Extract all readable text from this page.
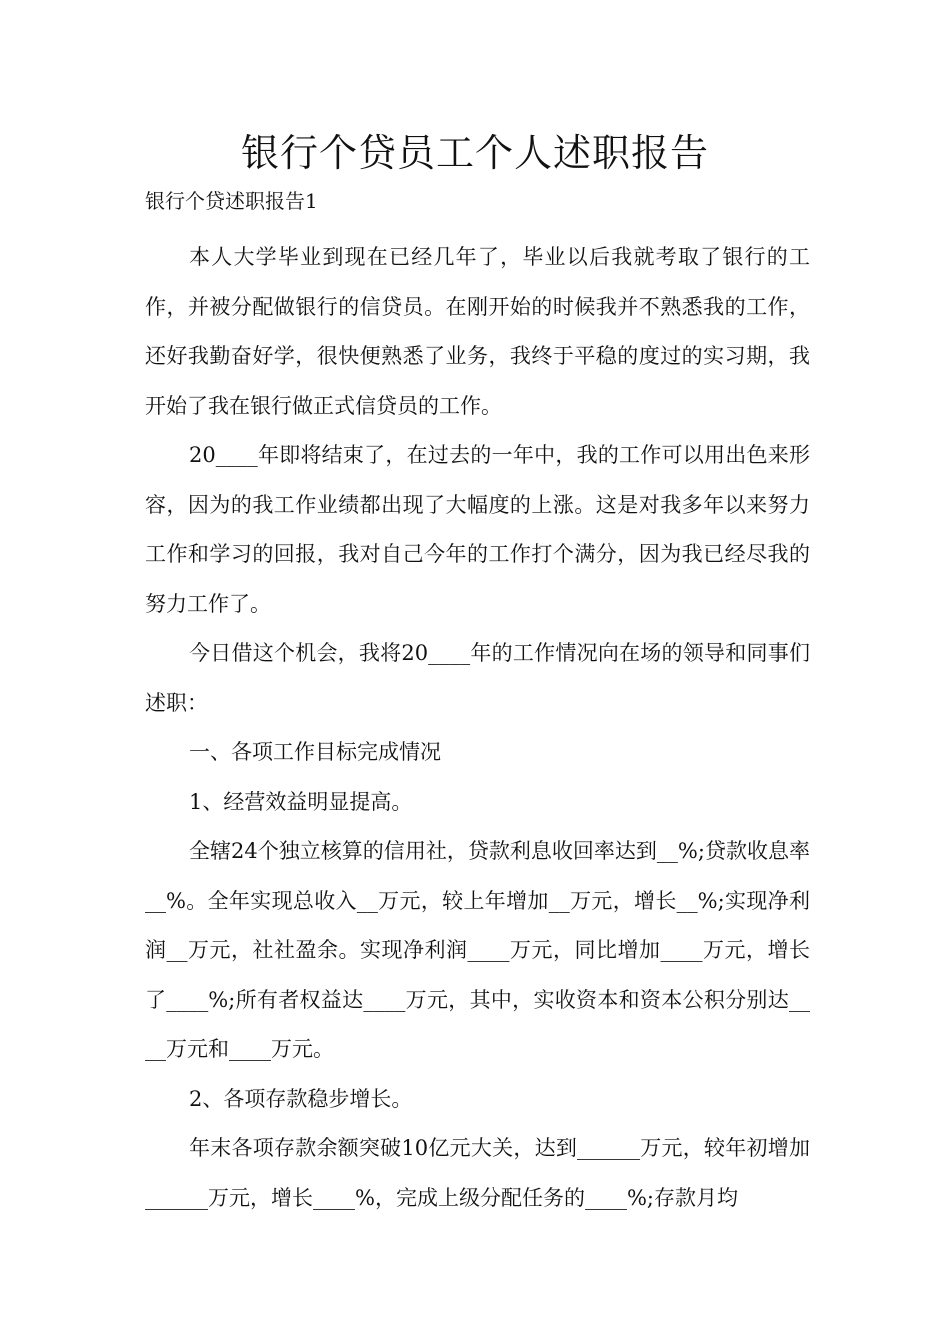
银行个贷员工个人述职报告

银行个贷述职报告1

本人大学毕业到现在已经几年了，毕业以后我就考取了银行的工作，并被分配做银行的信贷员。在刚开始的时候我并不熟悉我的工作，还好我勤奋好学，很快便熟悉了业务，我终于平稳的度过的实习期，我开始了我在银行做正式信贷员的工作。

20____年即将结束了，在过去的一年中，我的工作可以用出色来形容，因为的我工作业绩都出现了大幅度的上涨。这是对我多年以来努力工作和学习的回报，我对自己今年的工作打个满分，因为我已经尽我的努力工作了。

今日借这个机会，我将20____年的工作情况向在场的领导和同事们述职：

一、各项工作目标完成情况

1、经营效益明显提高。

全辖24个独立核算的信用社，贷款利息收回率达到__%;贷款收息率__%。全年实现总收入__万元，较上年增加__万元，增长__%;实现净利润__万元，社社盈余。实现净利润____万元，同比增加____万元，增长了____%;所有者权益达____万元，其中，实收资本和资本公积分别达____万元和____万元。

2、各项存款稳步增长。

年末各项存款余额突破10亿元大关，达到______万元，较年初增加______万元，增长____%，完成上级分配任务的____%;存款月均
